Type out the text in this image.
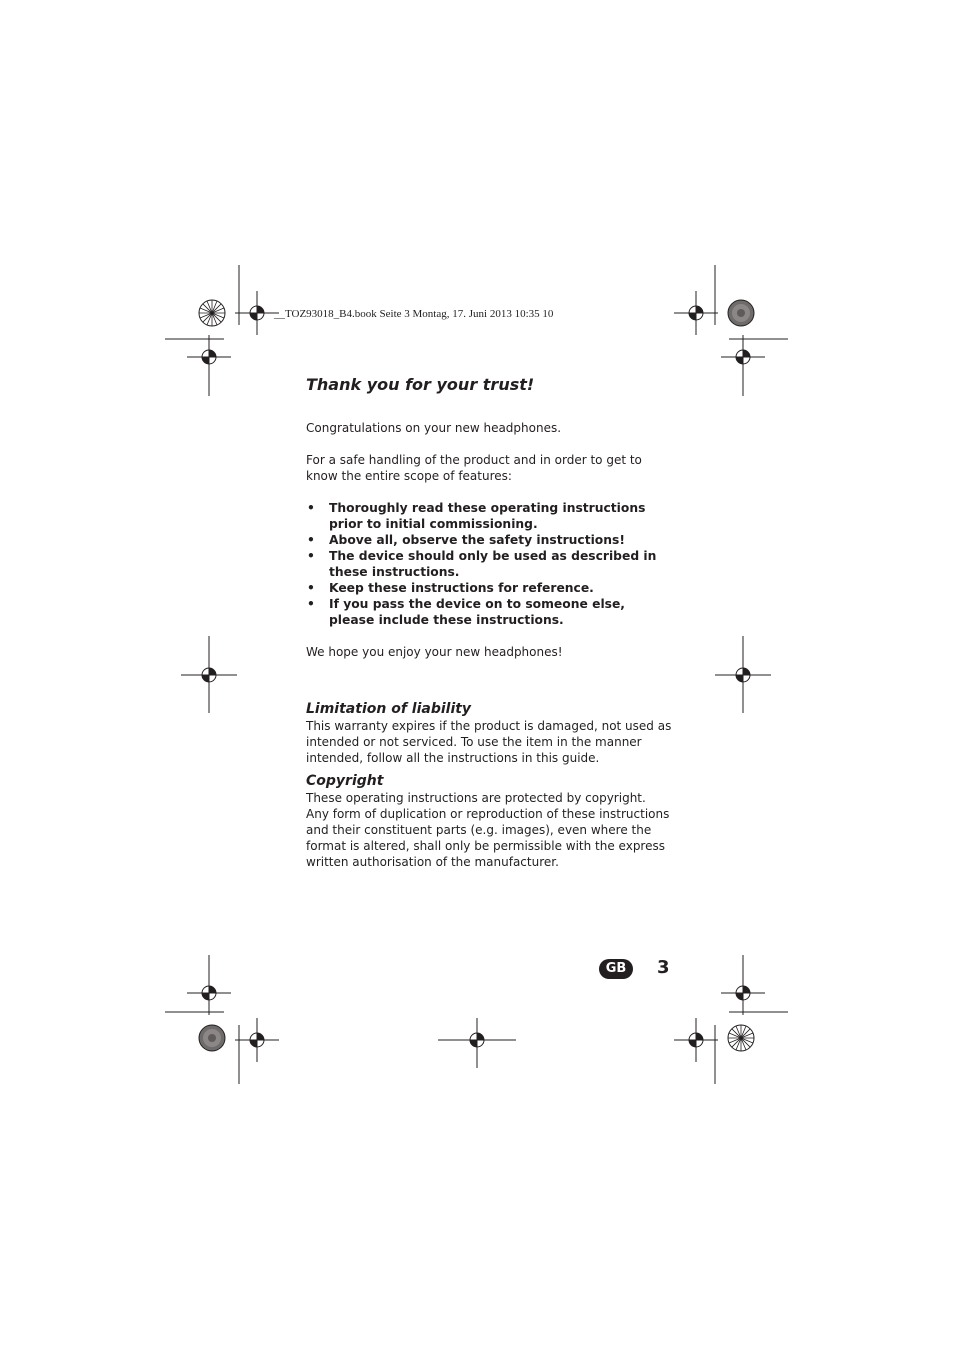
__TOZ93018_B4.book Seite 3 Montag, 17. Juni 2013 10:35 10
Thank you for your trust!

Congratulations on your new headphones.

For a safe handling of the product and in order to get to know the entire scope of features:

• Thoroughly read these operating instructions prior to initial commissioning.
• Above all, observe the safety instructions!
• The device should only be used as described in these instructions.
• Keep these instructions for reference.
• If you pass the device on to someone else, please include these instructions.

We hope you enjoy your new headphones!

Limitation of liability

This warranty expires if the product is damaged, not used as intended or not serviced. To use the item in the manner intended, follow all the instructions in this guide.

Copyright

These operating instructions are protected by copyright. Any form of duplication or reproduction of these instructions and their constituent parts (e.g. images), even where the format is altered, shall only be permissible with the express written authorisation of the manufacturer.

GB	3
